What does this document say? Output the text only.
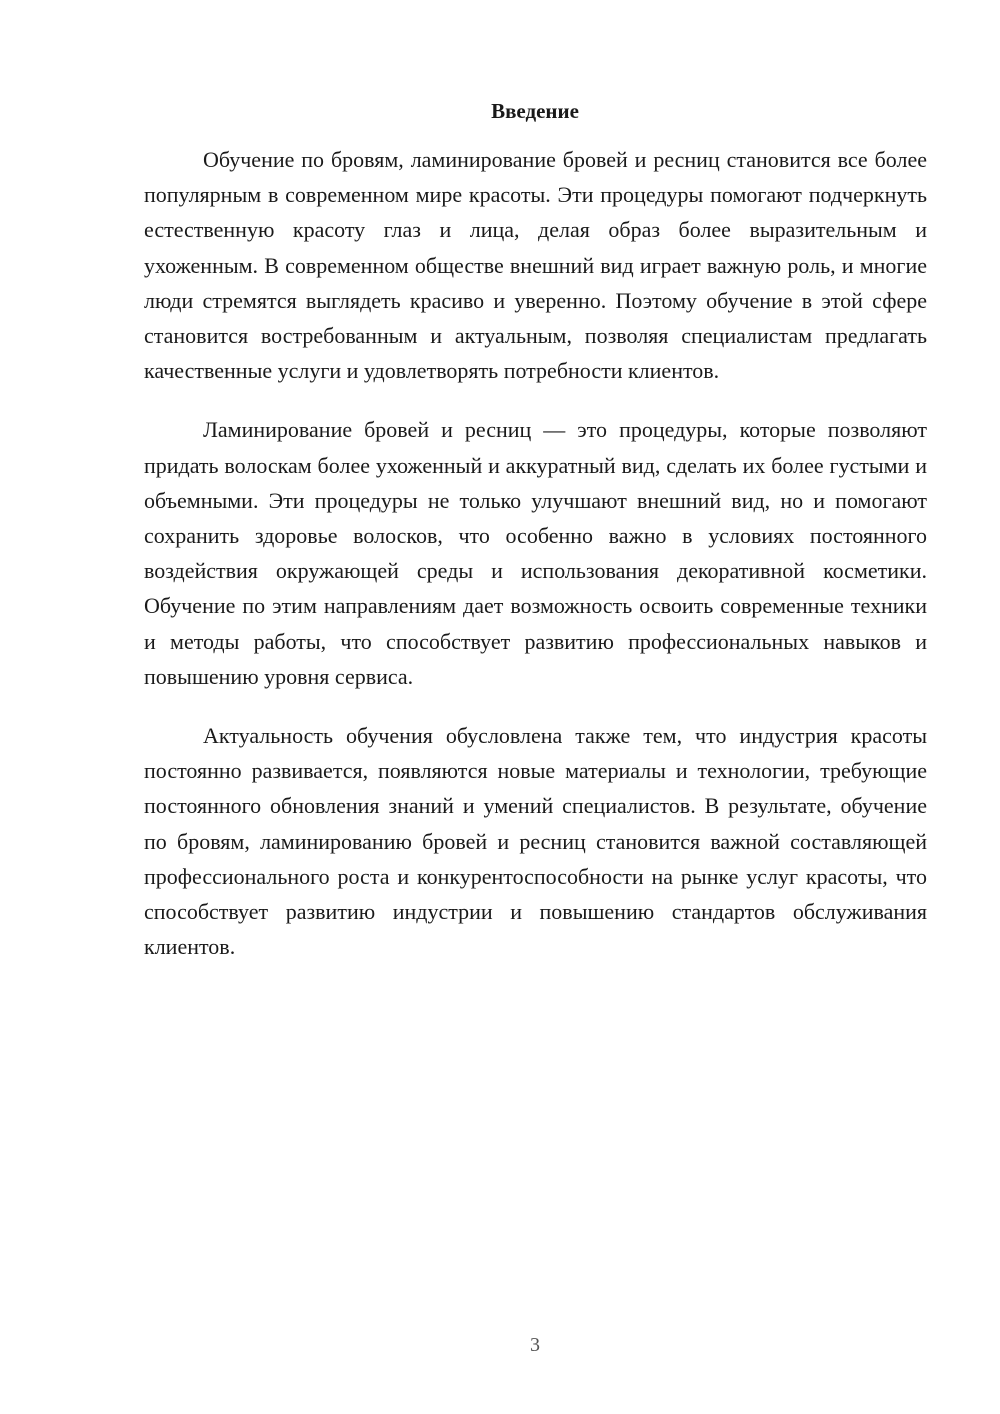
Введение

Обучение по бровям, ламинирование бровей и ресниц становится все более популярным в современном мире красоты. Эти процедуры помогают подчеркнуть естественную красоту глаз и лица, делая образ более выразительным и ухоженным. В современном обществе внешний вид играет важную роль, и многие люди стремятся выглядеть красиво и уверенно. Поэтому обучение в этой сфере становится востребованным и актуальным, позволяя специалистам предлагать качественные услуги и удовлетворять потребности клиентов.

Ламинирование бровей и ресниц — это процедуры, которые позволяют придать волоскам более ухоженный и аккуратный вид, сделать их более густыми и объемными. Эти процедуры не только улучшают внешний вид, но и помогают сохранить здоровье волосков, что особенно важно в условиях постоянного воздействия окружающей среды и использования декоративной косметики. Обучение по этим направлениям дает возможность освоить современные техники и методы работы, что способствует развитию профессиональных навыков и повышению уровня сервиса.

Актуальность обучения обусловлена также тем, что индустрия красоты постоянно развивается, появляются новые материалы и технологии, требующие постоянного обновления знаний и умений специалистов. В результате, обучение по бровям, ламинированию бровей и ресниц становится важной составляющей профессионального роста и конкурентоспособности на рынке услуг красоты, что способствует развитию индустрии и повышению стандартов обслуживания клиентов.

3
